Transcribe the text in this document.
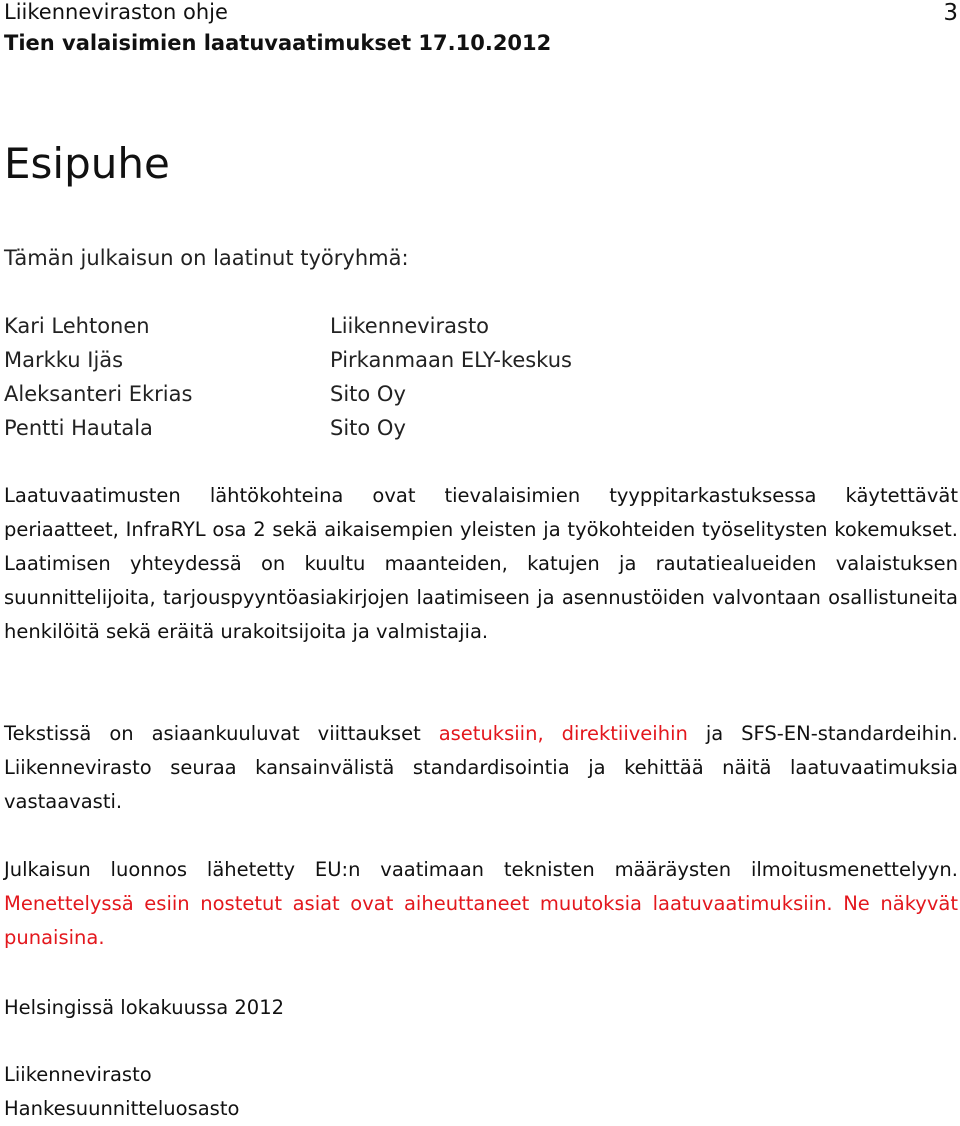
Liikenneviraston ohje
Tien valaisimien laatuvaatimukset 17.10.2012
3
Esipuhe

Tämän julkaisun on laatinut työryhmä:

Kari Lehtonen	Liikennevirasto
Markku Ijäs	Pirkanmaan ELY-keskus
Aleksanteri Ekrias	Sito Oy
Pentti Hautala	Sito Oy

Laatuvaatimusten lähtökohteina ovat tievalaisimien tyyppitarkastuksessa käytettävät periaatteet, InfraRYL osa 2 sekä aikaisempien yleisten ja työkohteiden työselitysten kokemukset. Laatimisen yhteydessä on kuultu maanteiden, katujen ja rautatiealueiden valaistuksen suunnittelijoita, tarjouspyyntöasiakirjojen laatimiseen ja asennustöiden valvontaan osallistuneita henkilöitä sekä eräitä urakoitsijoita ja valmistajia.

Tekstissä on asiaankuuluvat viittaukset asetuksiin, direktiiveihin ja SFS-EN-standardeihin. Liikennevirasto seuraa kansainvälistä standardisointia ja kehittää näitä laatuvaatimuksia vastaavasti.

Julkaisun luonnos lähetetty EU:n vaatimaan teknisten määräysten ilmoitusmenettelyyn. Menettelyssä esiin nostetut asiat ovat aiheuttaneet muutoksia laatuvaatimuksiin. Ne näkyvät punaisina.

Helsingissä lokakuussa 2012

Liikennevirasto
Hankesuunnitteluosasto
